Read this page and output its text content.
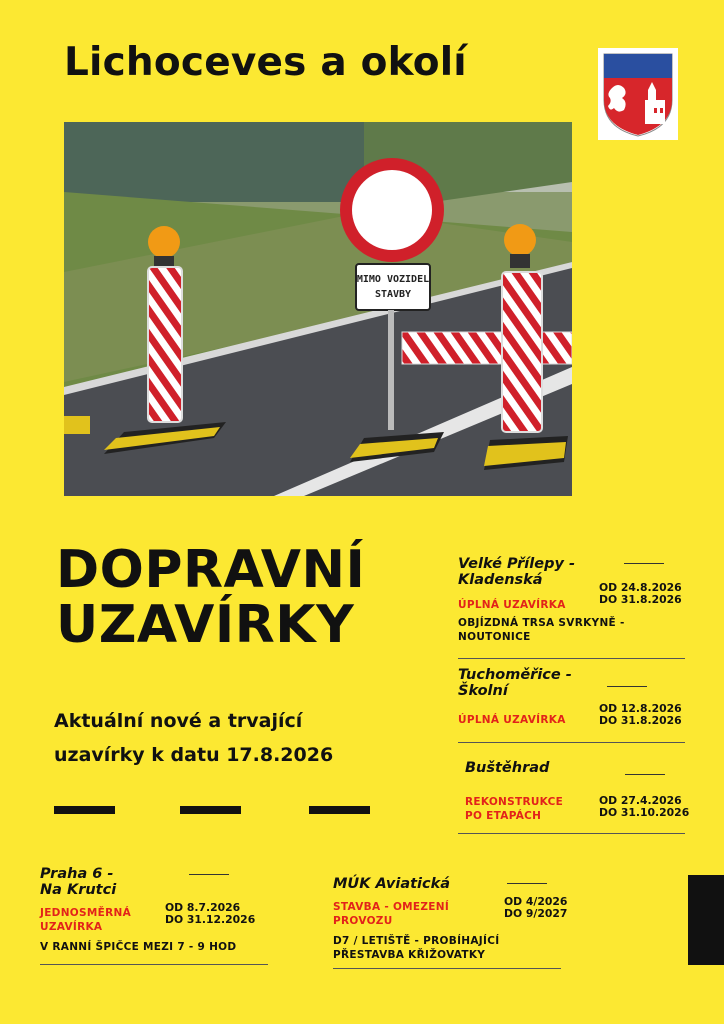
Lichoceves a okolí
MIMO VOZIDEL
STAVBY
DOPRAVNÍ
UZAVÍRKY
Aktuální nové a trvající
uzavírky k datu 17.8.2026
Velké Přílepy -
Kladenská
ÚPLNÁ UZAVÍRKA
OBJÍZDNÁ TRSA SVRKYNĚ -
NOUTONICE
OD 24.8.2026
DO 31.8.2026
Tuchoměřice -
Školní
ÚPLNÁ UZAVÍRKA
OD 12.8.2026
DO 31.8.2026
Buštěhrad
REKONSTRUKCE
PO ETAPÁCH
OD 27.4.2026
DO 31.10.2026
Praha 6 -
Na Krutci
JEDNOSMĚRNÁ
UZAVÍRKA
OD 8.7.2026
DO 31.12.2026
V RANNÍ ŠPIČCE MEZI 7 - 9 HOD
MÚK Aviatická
STAVBA - OMEZENÍ
PROVOZU
OD 4/2026
DO 9/2027
D7 / LETIŠTĚ - PROBÍHAJÍCÍ
PŘESTAVBA KŘIŽOVATKY
